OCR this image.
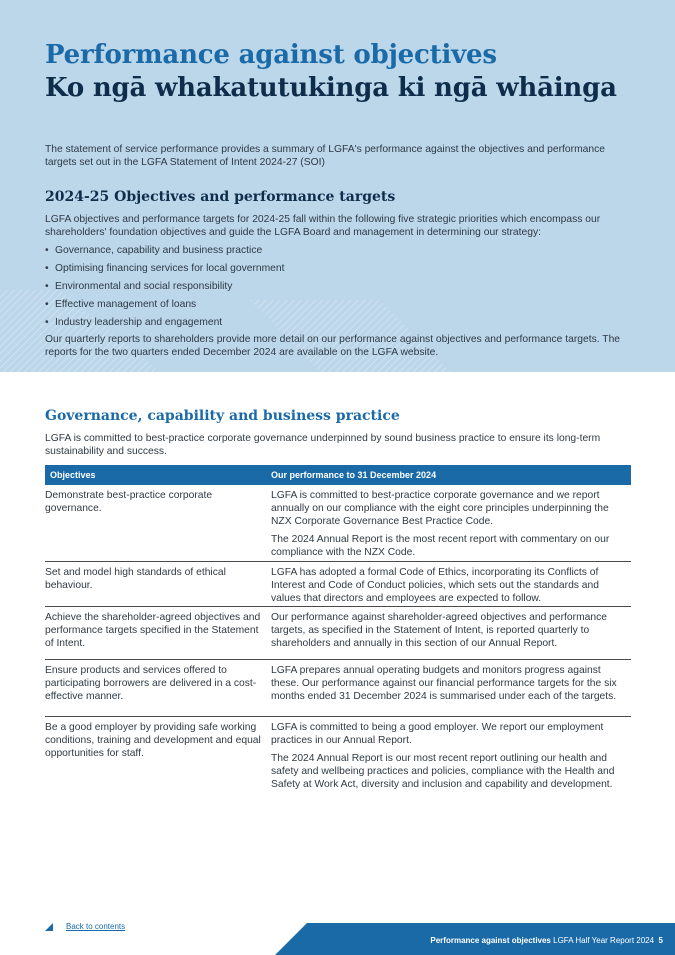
Performance against objectives
Ko ngā whakatutukinga ki ngā whāinga

The statement of service performance provides a summary of LGFA's performance against the objectives and performance targets set out in the LGFA Statement of Intent 2024-27 (SOI)

2024-25 Objectives and performance targets

LGFA objectives and performance targets for 2024-25 fall within the following five strategic priorities which encompass our shareholders' foundation objectives and guide the LGFA Board and management in determining our strategy:

• Governance, capability and business practice
• Optimising financing services for local government
• Environmental and social responsibility
• Effective management of loans
• Industry leadership and engagement

Our quarterly reports to shareholders provide more detail on our performance against objectives and performance targets. The reports for the two quarters ended December 2024 are available on the LGFA website.

Governance, capability and business practice

LGFA is committed to best-practice corporate governance underpinned by sound business practice to ensure its long-term sustainability and success.

Objectives	Our performance to 31 December 2024
Demonstrate best-practice corporate governance.

LGFA is committed to best-practice corporate governance and we report annually on our compliance with the eight core principles underpinning the NZX Corporate Governance Best Practice Code.

The 2024 Annual Report is the most recent report with commentary on our compliance with the NZX Code.

Set and model high standards of ethical behaviour.

LGFA has adopted a formal Code of Ethics, incorporating its Conflicts of Interest and Code of Conduct policies, which sets out the standards and values that directors and employees are expected to follow.

Achieve the shareholder-agreed objectives and performance targets specified in the Statement of Intent.

Our performance against shareholder-agreed objectives and performance targets, as specified in the Statement of Intent, is reported quarterly to shareholders and annually in this section of our Annual Report.

Ensure products and services offered to participating borrowers are delivered in a cost-effective manner.

LGFA prepares annual operating budgets and monitors progress against these. Our performance against our financial performance targets for the six months ended 31 December 2024 is summarised under each of the targets.

Be a good employer by providing safe working conditions, training and development and equal opportunities for staff.

LGFA is committed to being a good employer. We report our employment practices in our Annual Report.

The 2024 Annual Report is our most recent report outlining our health and safety and wellbeing practices and policies, compliance with the Health and Safety at Work Act, diversity and inclusion and capability and development.

Back to contents
Performance against objectives LGFA Half Year Report 2024 5
